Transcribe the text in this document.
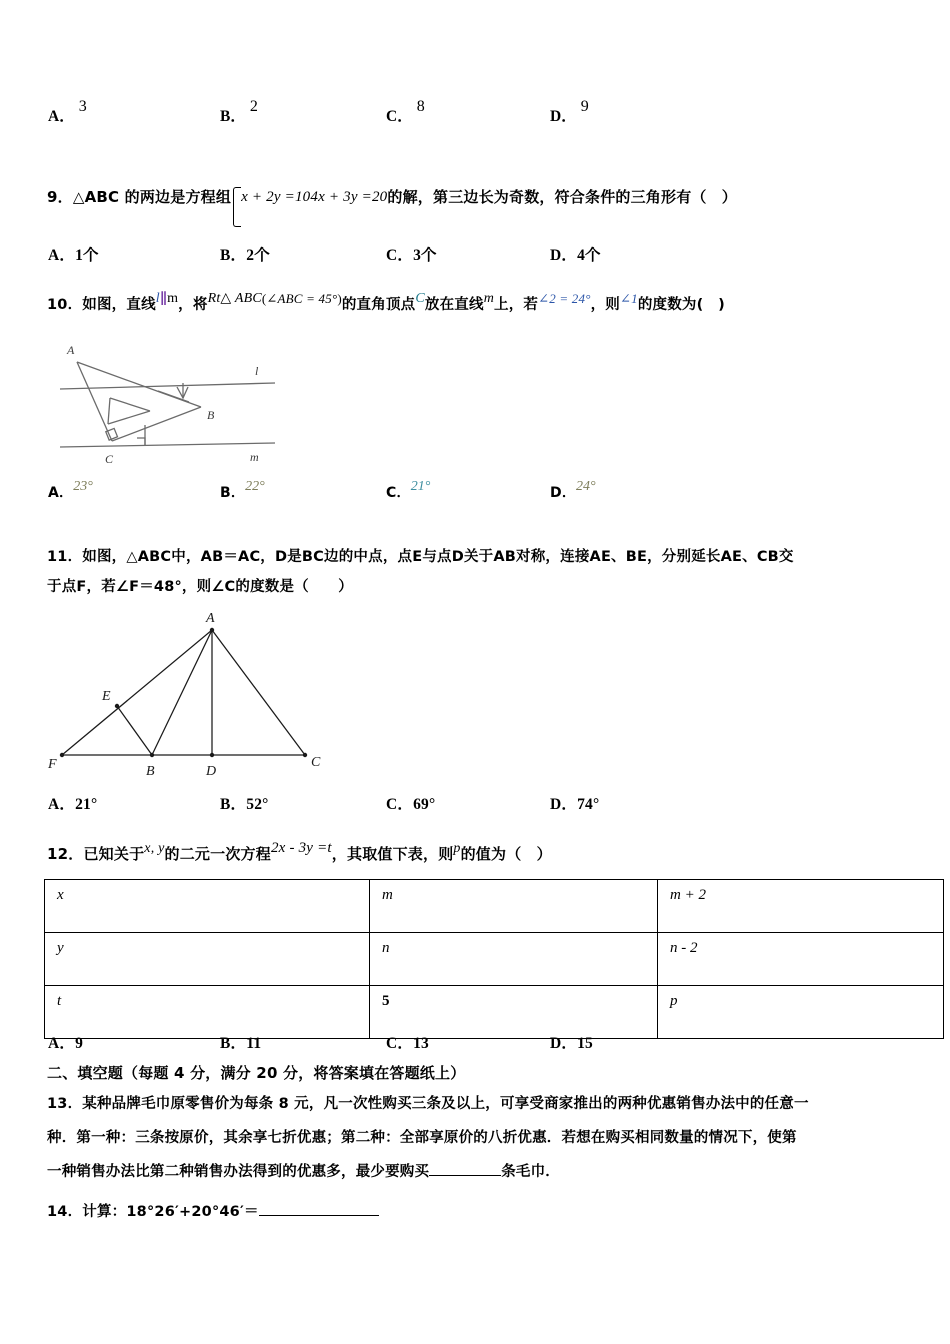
A．3
B．2
C．8
D．9
9．△ABC 的两边是方程组 x + 2y =104x + 3y =20的解，第三边长为奇数，符合条件的三角形有（　）
A．1个	B．2个	C．3个	D．4个
10．如图，直线l∥m，将Rt△ ABC(∠ABC = 45°)的直角顶点C放在直线m上，若∠2 = 24°，则∠1的度数为(　)
A
B
C
l
m
A．23°	B．22°	C．21°	D．24°
11．如图，△ABC中，AB＝AC，D是BC边的中点，点E与点D关于AB对称，连接AE、BE，分别延长AE、CB交
于点F，若∠F＝48°，则∠C的度数是（　　）
A
E
F	B	D
C
A．21°	B．52°	C．69°	D．74°
12．已知关于x, y的二元一次方程2x - 3y =t，其取值下表，则p的值为（　）
x	m	m + 2
y	n	n - 2
t	5	p
A．9	B．11	C．13	D．15
二、填空题（每题 4 分，满分 20 分，将答案填在答题纸上）
13．某种品牌毛巾原零售价为每条 8 元，凡一次性购买三条及以上，可享受商家推出的两种优惠销售办法中的任意一
种．第一种：三条按原价，其余享七折优惠；第二种：全部享原价的八折优惠．若想在购买相同数量的情况下，使第
一种销售办法比第二种销售办法得到的优惠多，最少要购买	条毛巾．
14．计算：18°26′+20°46′＝
